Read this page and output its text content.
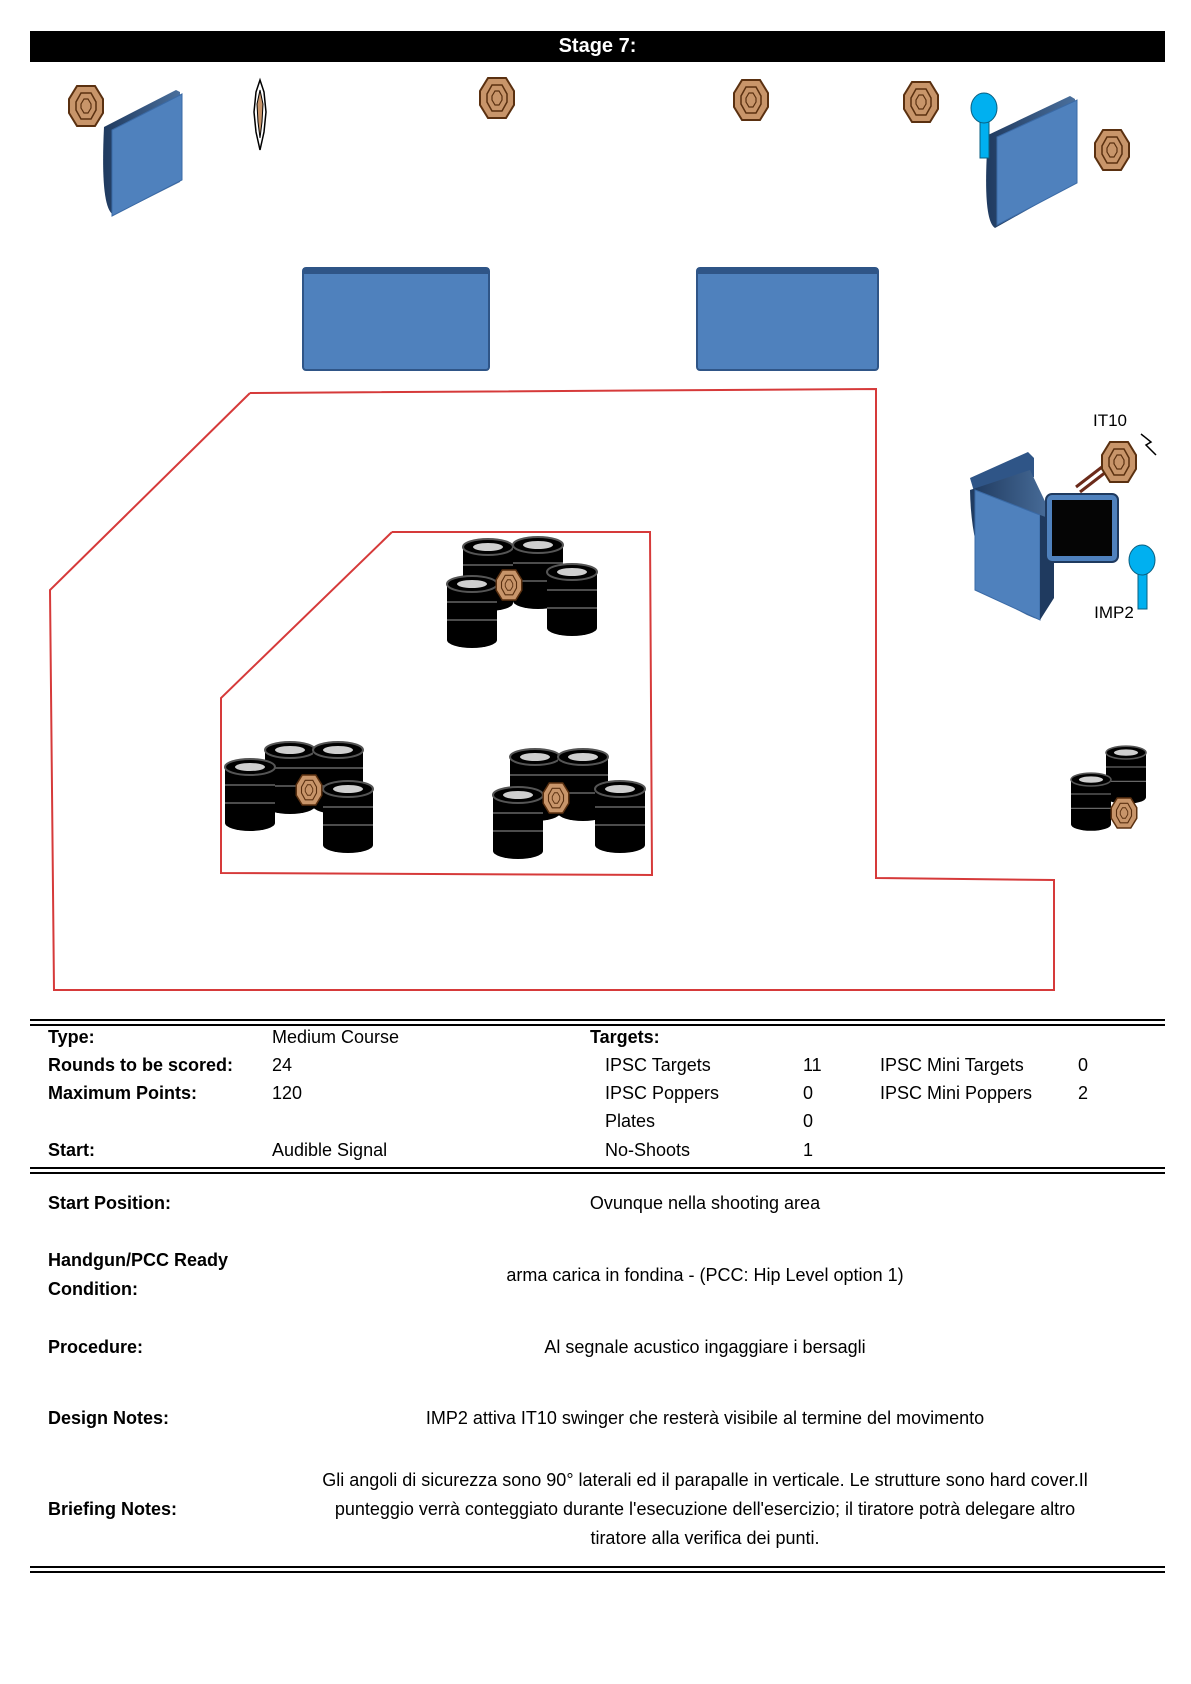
Stage 7:
IT10
IMP2
Type:	Medium Course	Targets:
Rounds to be scored: 24	IPSC Targets	11	IPSC Mini Targets	0
Maximum Points:	120	IPSC Poppers	0	IPSC Mini Poppers	2
Plates	0
Start:	Audible Signal	No-Shoots	1
Start Position:	Ovunque nella shooting area
Handgun/PCC Ready
Condition:
arma carica in fondina - (PCC: Hip Level option 1)
Procedure:	Al segnale acustico ingaggiare i bersagli
Design Notes:	IMP2 attiva IT10 swinger che resterà visibile al termine del movimento
Briefing Notes:
Gli angoli di sicurezza sono 90° laterali ed il parapalle in verticale. Le strutture sono hard cover.Il
punteggio verrà conteggiato durante l'esecuzione dell'esercizio; il tiratore potrà delegare altro
tiratore alla verifica dei punti.
